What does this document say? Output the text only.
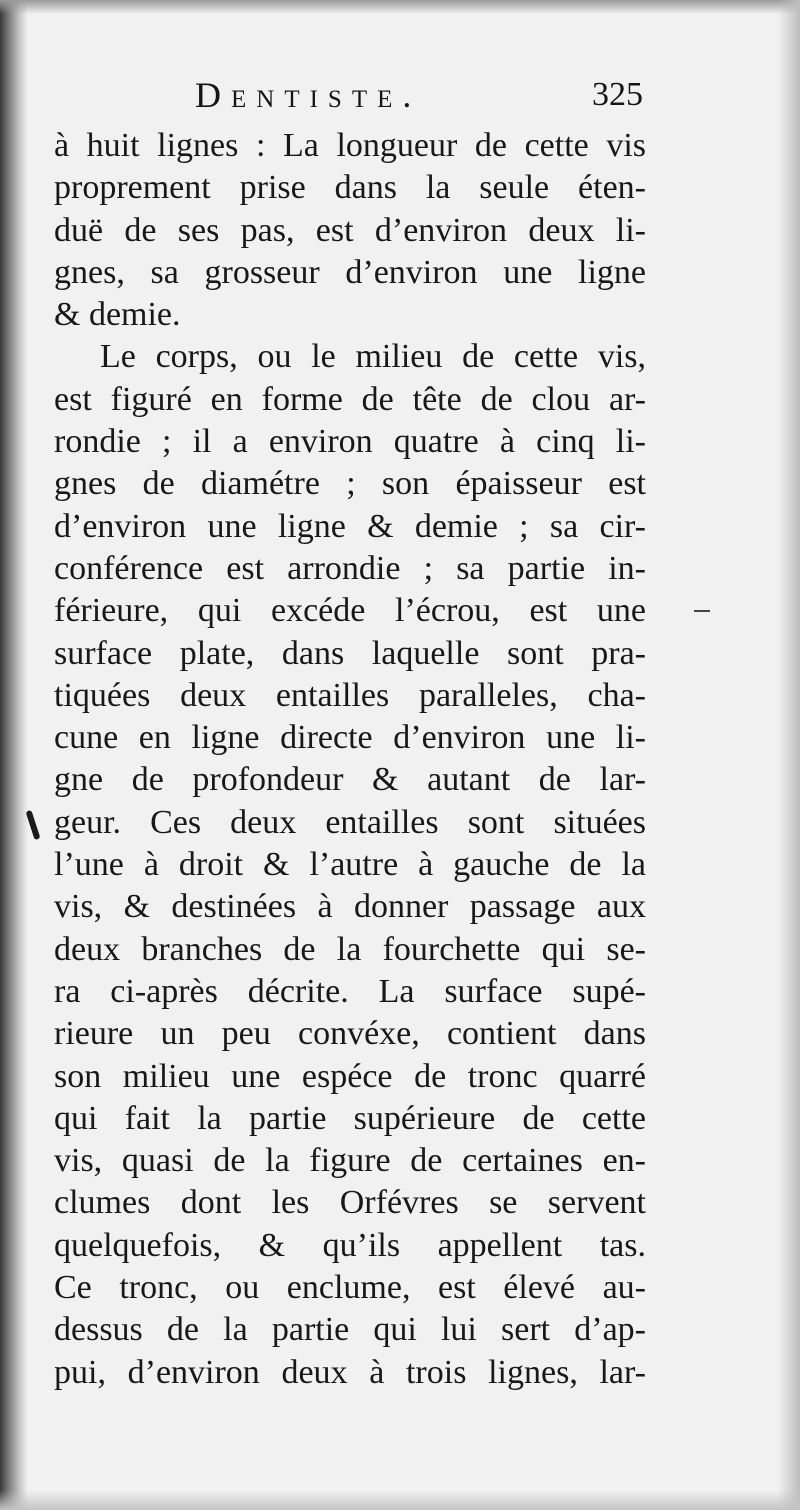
Dentiste.	325
à huit lignes : La longueur de cette vis
proprement prise dans la seule éten-
duë de ses pas, est d’environ deux li-
gnes, sa grosseur d’environ une ligne
& demie.
Le corps, ou le milieu de cette vis,
est figuré en forme de tête de clou ar-
rondie ; il a environ quatre à cinq li-
gnes de diamétre ; son épaisseur est
d’environ une ligne & demie ; sa cir-
conférence est arrondie ; sa partie in-
férieure, qui excéde l’écrou, est une
surface plate, dans laquelle sont pra-
tiquées deux entailles paralleles, cha-
cune en ligne directe d’environ une li-
gne de profondeur & autant de lar-
geur. Ces deux entailles sont situées
l’une à droit & l’autre à gauche de la
vis, & destinées à donner passage aux
deux branches de la fourchette qui se-
ra ci-après décrite. La surface supé-
rieure un peu convéxe, contient dans
son milieu une espéce de tronc quarré
qui fait la partie supérieure de cette
vis, quasi de la figure de certaines en-
clumes dont les Orfévres se servent
quelquefois, & qu’ils appellent tas.
Ce tronc, ou enclume, est élevé au-
dessus de la partie qui lui sert d’ap-
pui, d’environ deux à trois lignes, lar-
